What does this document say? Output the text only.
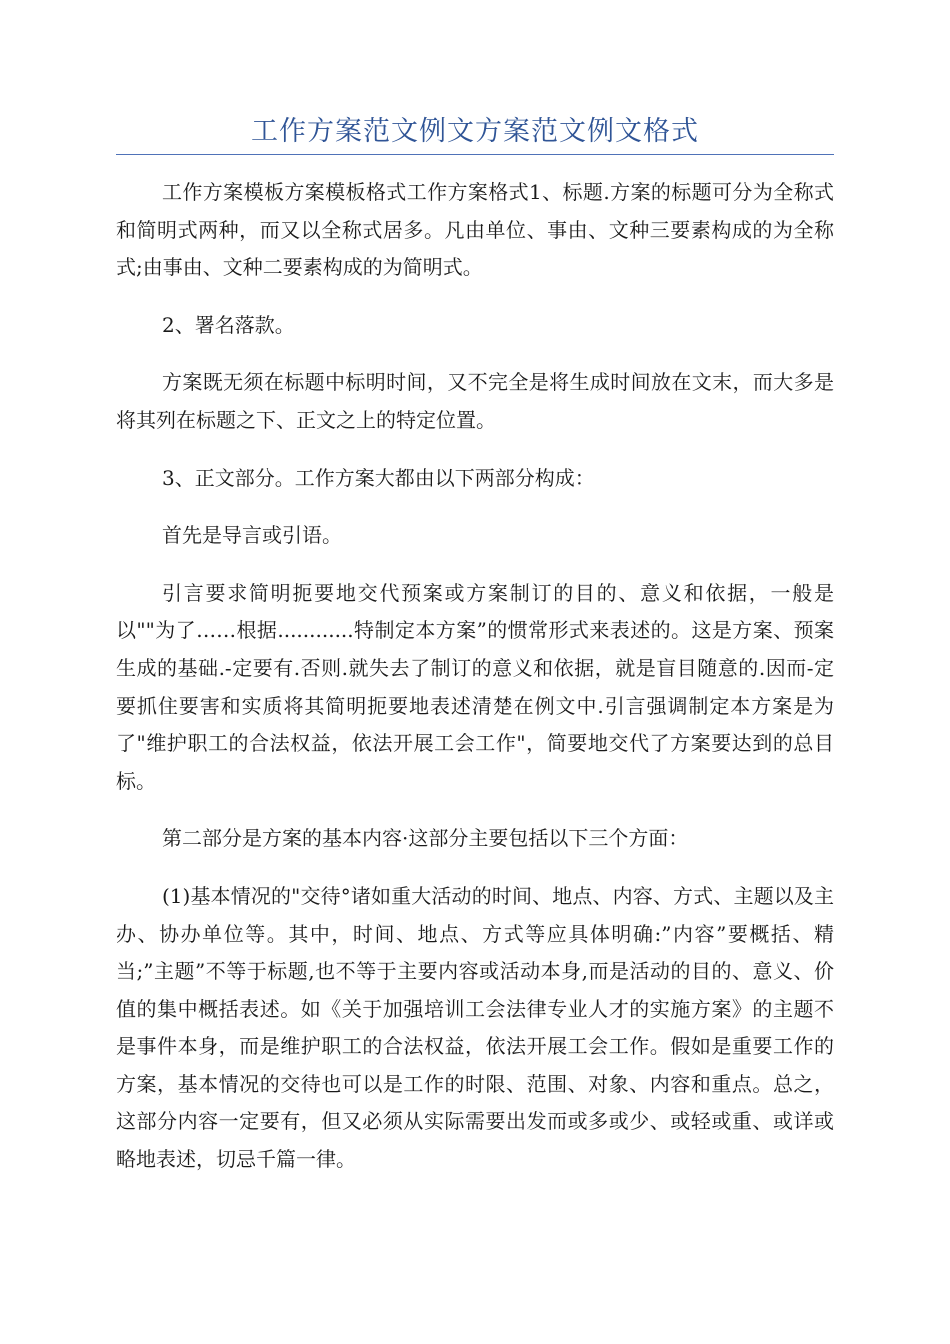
工作方案范文例文方案范文例文格式

工作方案模板方案模板格式工作方案格式1、标题.方案的标题可分为全称式和简明式两种，而又以全称式居多。凡由单位、事由、文种三要素构成的为全称式;由事由、文种二要素构成的为简明式。

2、署名落款。

方案既无须在标题中标明时间，又不完全是将生成时间放在文末，而大多是将其列在标题之下、正文之上的特定位置。

3、正文部分。工作方案大都由以下两部分构成：

首先是导言或引语。

引言要求简明扼要地交代预案或方案制订的目的、意义和依据，一般是以""为了……根据............特制定本方案”的惯常形式来表述的。这是方案、预案生成的基础.-定要有.否则.就失去了制订的意义和依据，就是盲目随意的.因而-定要抓住要害和实质将其简明扼要地表述清楚在例文中.引言强调制定本方案是为了"维护职工的合法权益，依法开展工会工作"，简要地交代了方案要达到的总目标。

第二部分是方案的基本内容·这部分主要包括以下三个方面：

(1)基本情况的"交待°诸如重大活动的时间、地点、内容、方式、主题以及主办、协办单位等。其中，时间、地点、方式等应具体明确:”内容”要概括、精当;”主题”不等于标题,也不等于主要内容或活动本身,而是活动的目的、意义、价值的集中概括表述。如《关于加强培训工会法律专业人才的实施方案》的主题不是事件本身，而是维护职工的合法权益，依法开展工会工作。假如是重要工作的方案，基本情况的交待也可以是工作的时限、范围、对象、内容和重点。总之，这部分内容一定要有，但又必须从实际需要出发而或多或少、或轻或重、或详或略地表述，切忌千篇一律。
